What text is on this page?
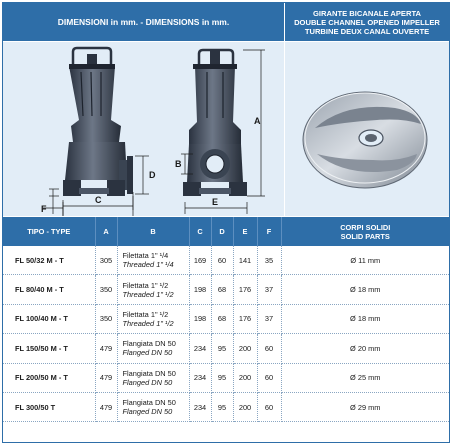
DIMENSIONI in mm. - DIMENSIONS in mm.
GIRANTE BICANALE APERTA
DOUBLE CHANNEL OPENED IMPELLER
TURBINE DEUX CANAL OUVERTE
A
B
C
D
E
F
TIPO - TYPE	A	B	C	D	E	F	CORPI SOLIDI
SOLID PARTS

FL 50/32 M - T	305	Filettata 1" ¹/4
Threaded 1" ¹/4	169	60	141	35	Ø 11 mm
FL 80/40 M - T	350	Filettata 1" ¹/2
Threaded 1" ¹/2	198	68	176	37	Ø 18 mm
FL 100/40 M - T	350	Filettata 1" ¹/2
Threaded 1" ¹/2	198	68	176	37	Ø 18 mm
FL 150/50 M - T	479	Flangiata DN 50
Flanged DN 50	234	95	200	60	Ø 20 mm
FL 200/50 M - T	479	Flangiata DN 50
Flanged DN 50	234	95	200	60	Ø 25 mm
FL 300/50 T	479	Flangiata DN 50
Flanged DN 50	234	95	200	60	Ø 29 mm
